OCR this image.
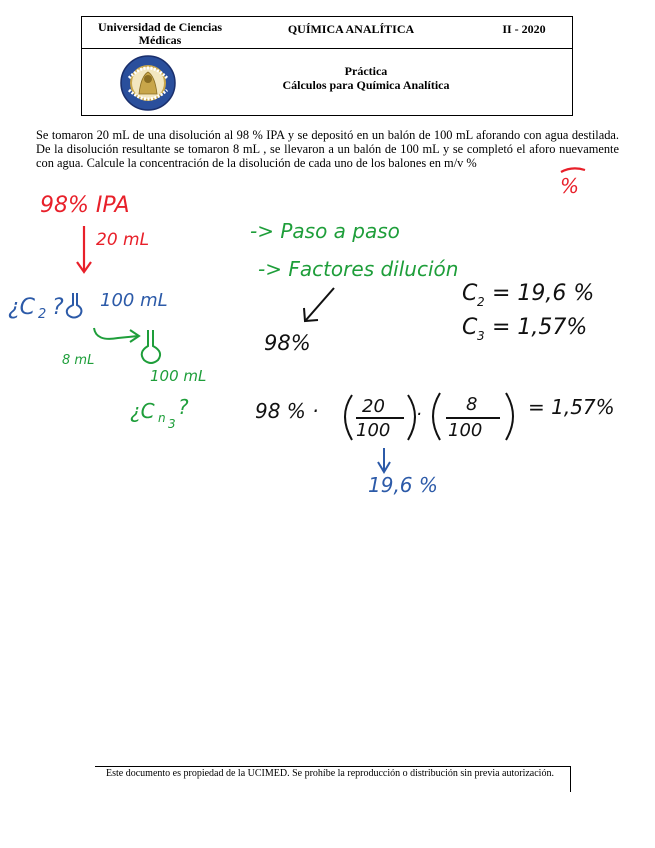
Universidad de Ciencias Médicas
QUÍMICA ANALÍTICA	II - 2020
Práctica
Cálculos para Química Analítica
Se tomaron 20 mL de una disolución al 98 % IPA y se depositó en un balón de 100 mL aforando con agua destilada. De la disolución resultante se tomaron 8 mL , se llevaron a un balón de 100 mL y se completó el aforo nuevamente con agua. Calcule la concentración de la disolución de cada uno de los balones en m/v %
%
98% IPA
20 mL
¿C 2 ? 100 mL
8 mL
100 mL
¿C n 3
?
-> Paso a paso
-> Factores dilución
98%
C 2 = 19,6 %
C 3 = 1,57%
98 % · 20
100
· 8
100
= 1,57%
19,6 %
Este documento es propiedad de la UCIMED. Se prohíbe la reproducción o distribución sin previa autorización.
